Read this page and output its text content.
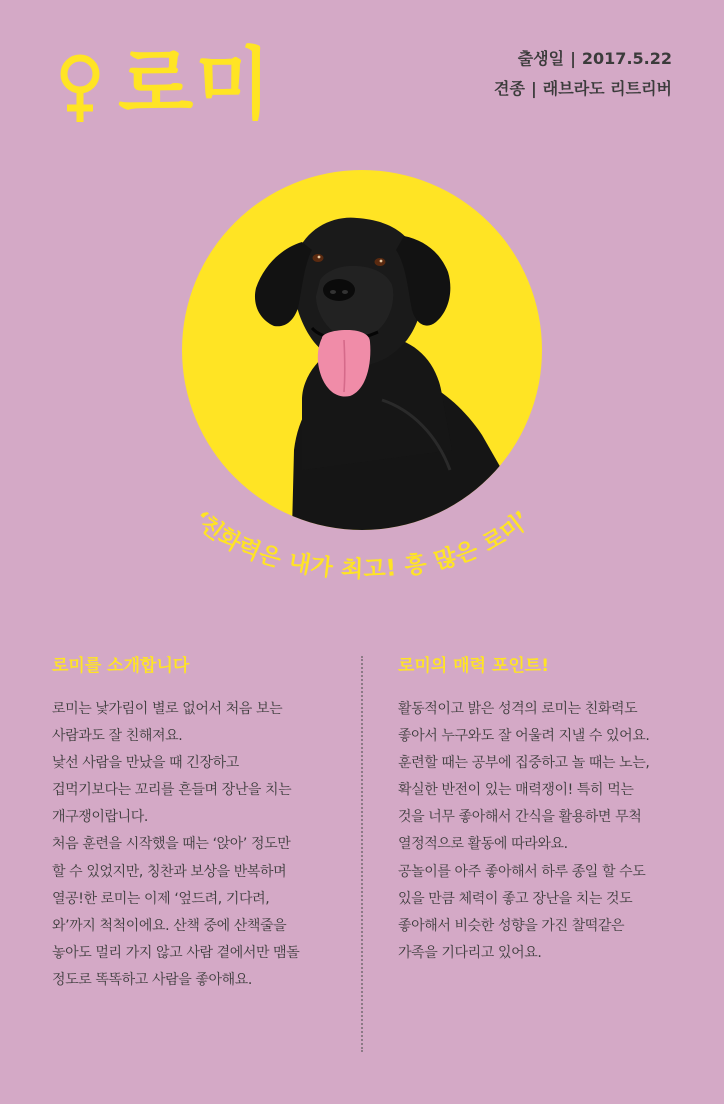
로미	출생일 | 2017.5.22
견종 | 래브라도 리트리버
‘친화력은 내가 최고! 흥 많은 로미’
로미를 소개합니다

로미는 낯가림이 별로 없어서 처음 보는
사람과도 잘 친해져요.
낯선 사람을 만났을 때 긴장하고
겁먹기보다는 꼬리를 흔들며 장난을 치는
개구쟁이랍니다.
처음 훈련을 시작했을 때는 ‘앉아’ 정도만
할 수 있었지만, 칭찬과 보상을 반복하며
열공!한 로미는 이제 ‘엎드려, 기다려,
와’까지 척척이에요. 산책 중에 산책줄을
놓아도 멀리 가지 않고 사람 곁에서만 맴돌
정도로 똑똑하고 사람을 좋아해요.

로미의 매력 포인트!

활동적이고 밝은 성격의 로미는 친화력도
좋아서 누구와도 잘 어울려 지낼 수 있어요.
훈련할 때는 공부에 집중하고 놀 때는 노는,
확실한 반전이 있는 매력쟁이! 특히 먹는
것을 너무 좋아해서 간식을 활용하면 무척
열정적으로 활동에 따라와요.
공놀이를 아주 좋아해서 하루 종일 할 수도
있을 만큼 체력이 좋고 장난을 치는 것도
좋아해서 비슷한 성향을 가진 찰떡같은
가족을 기다리고 있어요.
